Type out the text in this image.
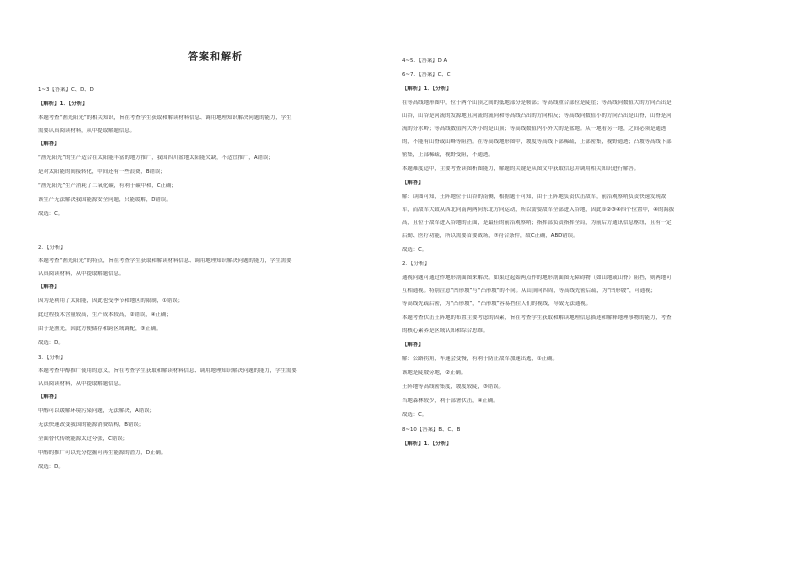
答案和解析
1~3【答案】C、D、D
【解析】1．【分析】
本题考查“渔光阳光”的相关知识，旨在考查学生获取和解读材料信息、调用地理知识解决问题的能力，学生
需要认真阅读材料，从中提取解题信息。
【解答】
“渔光阳光”的生产适合在太阳能丰富的地方推广，我国四川盆地太阳能欠缺，不适宜推广，A错误；
是对太阳能的间接转化，中间还有一些浪费，B错误；
“渔光阳光”生产消耗了二氧化碳，有利于碳中和，C正确；
该生产无法解决我国能源安全问题，只能缓解，D错误。
故选：C。
2．【分析】
本题考查“渔光阳光”的特点，旨在考查学生获取和解读材料信息、调用地理知识解决问题的能力，学生需要
认真阅读材料，从中提取解题信息。
【解答】
因为是利用了太阳能，因此也受季节和地区的限制，①错误；
此过程技术含量较高，生产成本较高，②错误，④正确；
由于是渔光，因此方便储存和跨区域调配，③正确。
故选：D。
3．【分析】
本题考查甲醇推广使用的意义，旨在考查学生获取和解读材料信息、调用地理知识解决问题的能力，学生需要
认真阅读材料，从中提取解题信息。
【解答】
甲醇可以缓解环境污染问题，无法解决，A错误；
无法快速改变我国的能源消费结构，B错误；
全面替代传统能源太过夸张，C错误；
甲醇的推广可以充分挖掘可再生能源的潜力，D正确。
故选：D。
4~5．【答案】D A
6~7．【答案】C、C
【解析】1．【分析】
在等高线地形图中，位于两个山顶之间的低地部分是鞍部；等高线重合部位是陡崖；等高线向数值大的方向凸出是
山谷，山谷是河流的发源地且河流的流向和等高线凸出的方向相反；等高线向数值小的方向凸出是山脊，山脊是河
流的分水岭；等高线数值内大外小的是山顶；等高线数值内小外大的是盆地。从一地看另一地，之间必须是通透
的，不能有山脊或山峰等阻挡。在等高线地形图中，坡度等高线下部稀疏，上部密集，视野通透；凸坡等高线下部
密集，上部稀疏，视野受阻，不通透。
本题难度适中，主要考查读图析图能力，解题的关键是从图文中获取信息并调用相关知识进行解答。
【解答】
解：读图可知，王阵地位于山谷的南侧，根据题干可知，由于王阵地负责伏击敌军，前沿观察哨负责快速发现敌
军，而敌军大致从西北向南两两向东北方向运动，所以需要敌军全部进入谷地，因此①②③④四个位置中，④的海拔
高，且位于敌军进入谷地的正面，是最佳的前沿观察哨；指挥部负责指挥全局，为前后方通讯信息枢纽，且有一定
后勤、医疗功能，所以需要首要战场，⑦符合条件，故C正确，ABD错误。
故选：C。
2．【分析】
通视问题可通过作地形剖面图来解决。如果过起始两点作的地形剖面图无障碍物（如山地或山脊）阻挡，则两地可
互相通视。特别注意“凹形坡”与“凸形坡”的不同。从山顶向四周，等高线先密后疏，为“凹形坡”，可通视；
等高线先疏后密，为“凸形坡”，“凸形坡”容易挡住人们的视线，导致无法通视。
本题考查伏击王阵地的布置主要考虑的因素，旨在考查学生获取和解读地理信息描述和解释地理事物的能力，考查
的核心素养是区域认知和综合思维。
【解答】
解：公路拐角，车速会变慢，有利于防止敌军加速出逃，①正确。
该地是陡坡旁地，②正确。
王阵地等高线密集度，坡度较陡，③错误。
当地森林较少，利于部署伏击，④正确。
故选：C。
8~10【答案】B、C、B
【解析】1．【分析】
